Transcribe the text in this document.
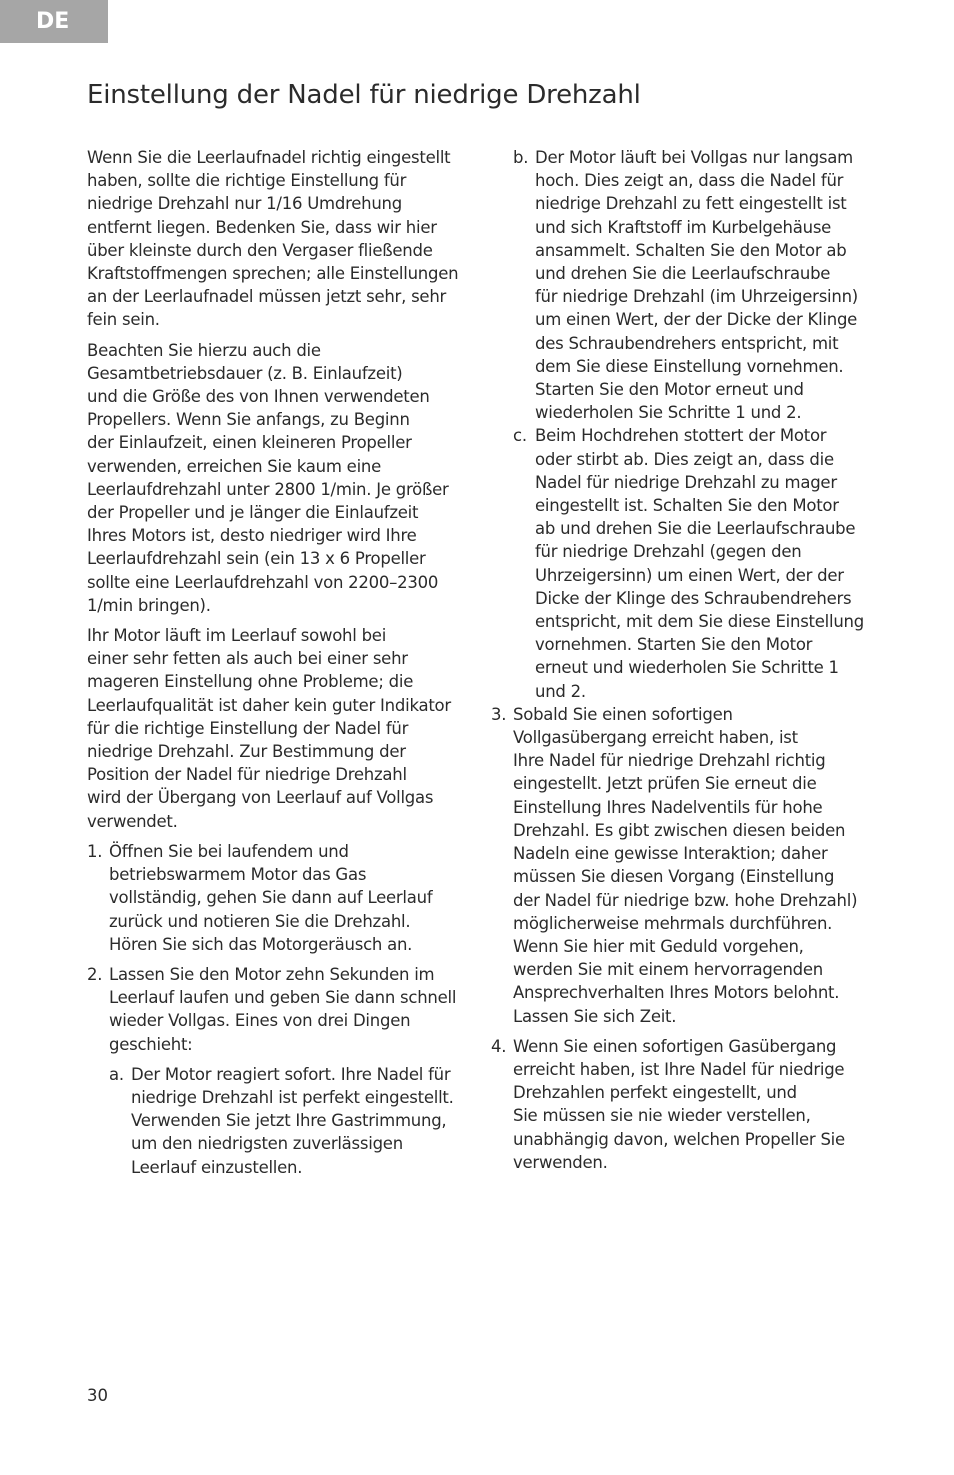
DE
Einstellung der Nadel für niedrige Drehzahl

Wenn Sie die Leerlaufnadel richtig eingestellt
haben, sollte die richtige Einstellung für
niedrige Drehzahl nur 1/16 Umdrehung
entfernt liegen. Bedenken Sie, dass wir hier
über kleinste durch den Vergaser fließende
Kraftstoffmengen sprechen; alle Einstellungen
an der Leerlaufnadel müssen jetzt sehr, sehr
fein sein.

Beachten Sie hierzu auch die
Gesamtbetriebsdauer (z. B. Einlaufzeit)
und die Größe des von Ihnen verwendeten
Propellers. Wenn Sie anfangs, zu Beginn
der Einlaufzeit, einen kleineren Propeller
verwenden, erreichen Sie kaum eine
Leerlaufdrehzahl unter 2800 1/min. Je größer
der Propeller und je länger die Einlaufzeit
Ihres Motors ist, desto niedriger wird Ihre
Leerlaufdrehzahl sein (ein 13 x 6 Propeller
sollte eine Leerlaufdrehzahl von 2200–2300
1/min bringen).

Ihr Motor läuft im Leerlauf sowohl bei
einer sehr fetten als auch bei einer sehr
mageren Einstellung ohne Probleme; die
Leerlaufqualität ist daher kein guter Indikator
für die richtige Einstellung der Nadel für
niedrige Drehzahl. Zur Bestimmung der
Position der Nadel für niedrige Drehzahl
wird der Übergang von Leerlauf auf Vollgas
verwendet.

1. Öffnen Sie bei laufendem und
betriebswarmem Motor das Gas
vollständig, gehen Sie dann auf Leerlauf
zurück und notieren Sie die Drehzahl.
Hören Sie sich das Motorgeräusch an.
2. Lassen Sie den Motor zehn Sekunden im
Leerlauf laufen und geben Sie dann schnell
wieder Vollgas. Eines von drei Dingen
geschieht:
a. Der Motor reagiert sofort. Ihre Nadel für
niedrige Drehzahl ist perfekt eingestellt.
Verwenden Sie jetzt Ihre Gastrimmung,
um den niedrigsten zuverlässigen
Leerlauf einzustellen.
b. Der Motor läuft bei Vollgas nur langsam
hoch. Dies zeigt an, dass die Nadel für
niedrige Drehzahl zu fett eingestellt ist
und sich Kraftstoff im Kurbelgehäuse
ansammelt. Schalten Sie den Motor ab
und drehen Sie die Leerlaufschraube
für niedrige Drehzahl (im Uhrzeigersinn)
um einen Wert, der der Dicke der Klinge
des Schraubendrehers entspricht, mit
dem Sie diese Einstellung vornehmen.
Starten Sie den Motor erneut und
wiederholen Sie Schritte 1 und 2.
c. Beim Hochdrehen stottert der Motor
oder stirbt ab. Dies zeigt an, dass die
Nadel für niedrige Drehzahl zu mager
eingestellt ist. Schalten Sie den Motor
ab und drehen Sie die Leerlaufschraube
für niedrige Drehzahl (gegen den
Uhrzeigersinn) um einen Wert, der der
Dicke der Klinge des Schraubendrehers
entspricht, mit dem Sie diese Einstellung
vornehmen. Starten Sie den Motor
erneut und wiederholen Sie Schritte 1
und 2.
3. Sobald Sie einen sofortigen
Vollgasübergang erreicht haben, ist
Ihre Nadel für niedrige Drehzahl richtig
eingestellt. Jetzt prüfen Sie erneut die
Einstellung Ihres Nadelventils für hohe
Drehzahl. Es gibt zwischen diesen beiden
Nadeln eine gewisse Interaktion; daher
müssen Sie diesen Vorgang (Einstellung
der Nadel für niedrige bzw. hohe Drehzahl)
möglicherweise mehrmals durchführen.
Wenn Sie hier mit Geduld vorgehen,
werden Sie mit einem hervorragenden
Ansprechverhalten Ihres Motors belohnt.
Lassen Sie sich Zeit.
4. Wenn Sie einen sofortigen Gasübergang
erreicht haben, ist Ihre Nadel für niedrige
Drehzahlen perfekt eingestellt, und
Sie müssen sie nie wieder verstellen,
unabhängig davon, welchen Propeller Sie
verwenden.
30
